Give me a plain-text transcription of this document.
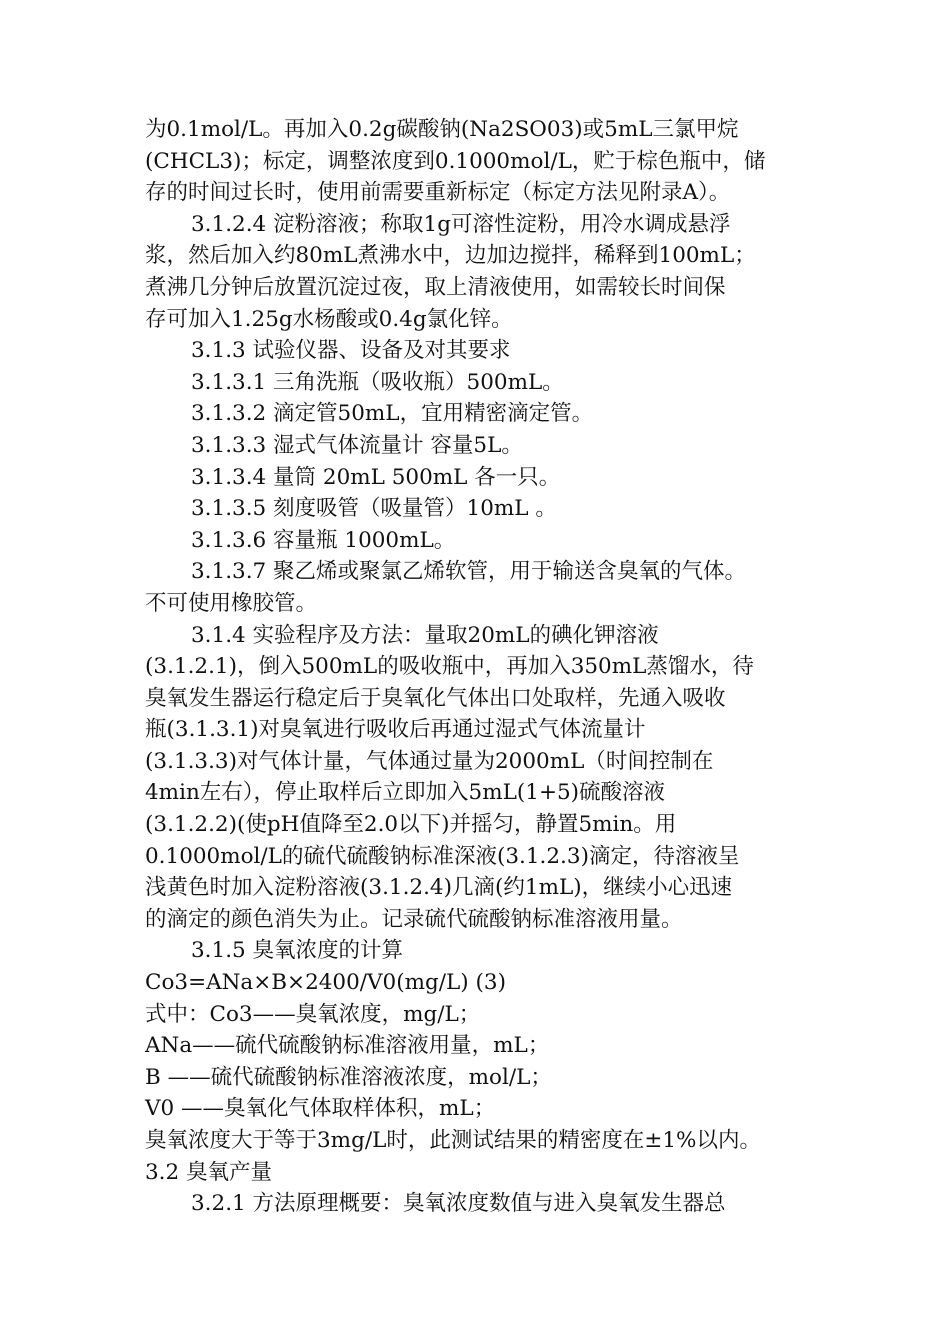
为0.1mol/L。再加入0.2g碳酸钠(Na2SO03)或5mL三氯甲烷
(CHCL3)；标定，调整浓度到0.1000mol/L，贮于棕色瓶中，储
存的时间过长时，使用前需要重新标定（标定方法见附录A）。
3.1.2.4 淀粉溶液；称取1g可溶性淀粉，用冷水调成悬浮
浆，然后加入约80mL煮沸水中，边加边搅拌，稀释到100mL；
煮沸几分钟后放置沉淀过夜，取上清液使用，如需较长时间保
存可加入1.25g水杨酸或0.4g氯化锌。
3.1.3 试验仪器、设备及对其要求
3.1.3.1 三角洗瓶（吸收瓶）500mL。
3.1.3.2 滴定管50mL，宜用精密滴定管。
3.1.3.3 湿式气体流量计 容量5L。
3.1.3.4 量筒 20mL 500mL 各一只。
3.1.3.5 刻度吸管（吸量管）10mL 。
3.1.3.6 容量瓶 1000mL。
3.1.3.7 聚乙烯或聚氯乙烯软管，用于输送含臭氧的气体。
不可使用橡胶管。
3.1.4 实验程序及方法：量取20mL的碘化钾溶液
(3.1.2.1)，倒入500mL的吸收瓶中，再加入350mL蒸馏水，待
臭氧发生器运行稳定后于臭氧化气体出口处取样，先通入吸收
瓶(3.1.3.1)对臭氧进行吸收后再通过湿式气体流量计
(3.1.3.3)对气体计量，气体通过量为2000mL（时间控制在
4min左右），停止取样后立即加入5mL(1+5)硫酸溶液
(3.1.2.2)(使pH值降至2.0以下)并摇匀，静置5min。用
0.1000mol/L的硫代硫酸钠标准深液(3.1.2.3)滴定，待溶液呈
浅黄色时加入淀粉溶液(3.1.2.4)几滴(约1mL)，继续小心迅速
的滴定的颜色消失为止。记录硫代硫酸钠标准溶液用量。
3.1.5 臭氧浓度的计算
Co3=ANa×B×2400/V0(mg/L) (3)
式中：Co3——臭氧浓度，mg/L；
ANa——硫代硫酸钠标准溶液用量，mL；
B ——硫代硫酸钠标准溶液浓度，mol/L；
V0 ——臭氧化气体取样体积，mL；
臭氧浓度大于等于3mg/L时，此测试结果的精密度在±1%以内。
3.2 臭氧产量
3.2.1 方法原理概要：臭氧浓度数值与进入臭氧发生器总
